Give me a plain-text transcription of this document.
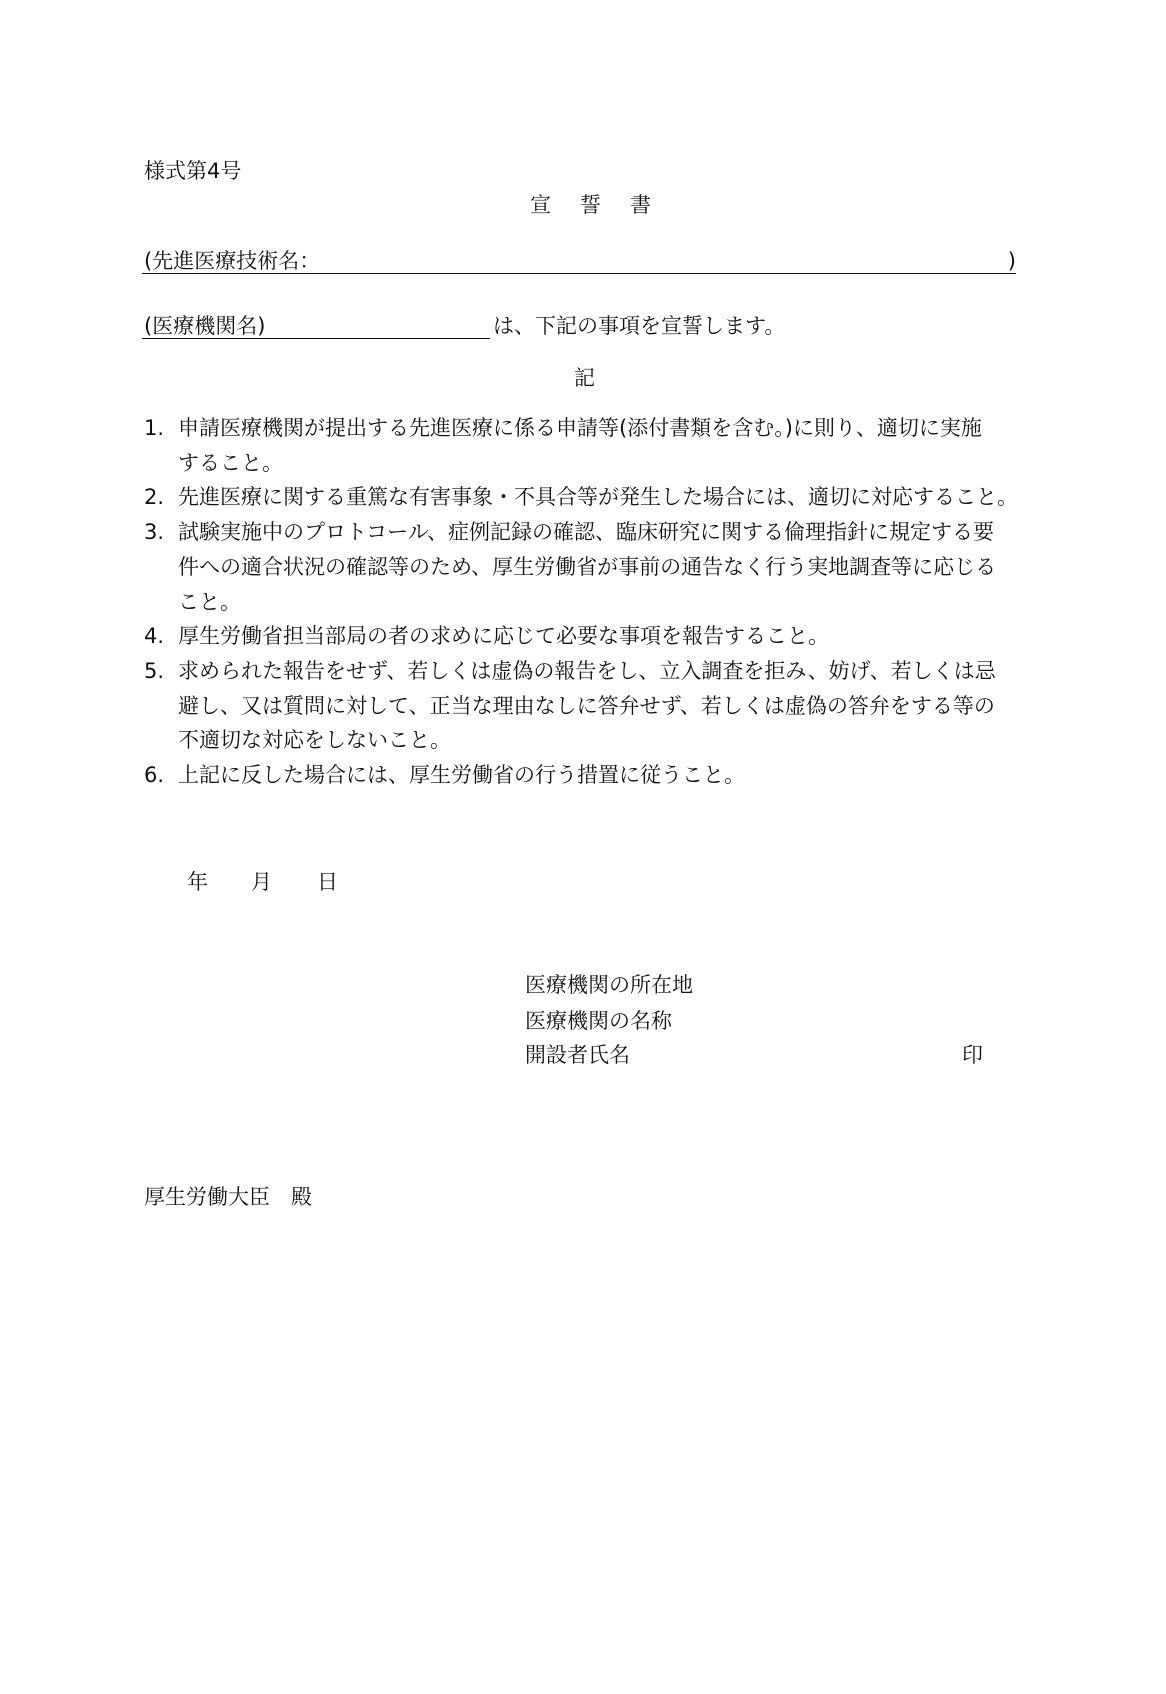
様式第4号
宣　誓　書
(先進医療技術名：	)
(医療機関名)	は、下記の事項を宣誓します。
記
1. 申請医療機関が提出する先進医療に係る申請等(添付書類を含む。)に則り、適切に実施
すること。
2. 先進医療に関する重篤な有害事象・不具合等が発生した場合には、適切に対応すること。
3. 試験実施中のプロトコール、症例記録の確認、臨床研究に関する倫理指針に規定する要
件への適合状況の確認等のため、厚生労働省が事前の通告なく行う実地調査等に応じる
こと。
4. 厚生労働省担当部局の者の求めに応じて必要な事項を報告すること。
5. 求められた報告をせず、若しくは虚偽の報告をし、立入調査を拒み、妨げ、若しくは忌
避し、又は質問に対して、正当な理由なしに答弁せず、若しくは虚偽の答弁をする等の
不適切な対応をしないこと。
6. 上記に反した場合には、厚生労働省の行う措置に従うこと。
年 月 日
医療機関の所在地
医療機関の名称
開設者氏名	印
厚生労働大臣　殿
